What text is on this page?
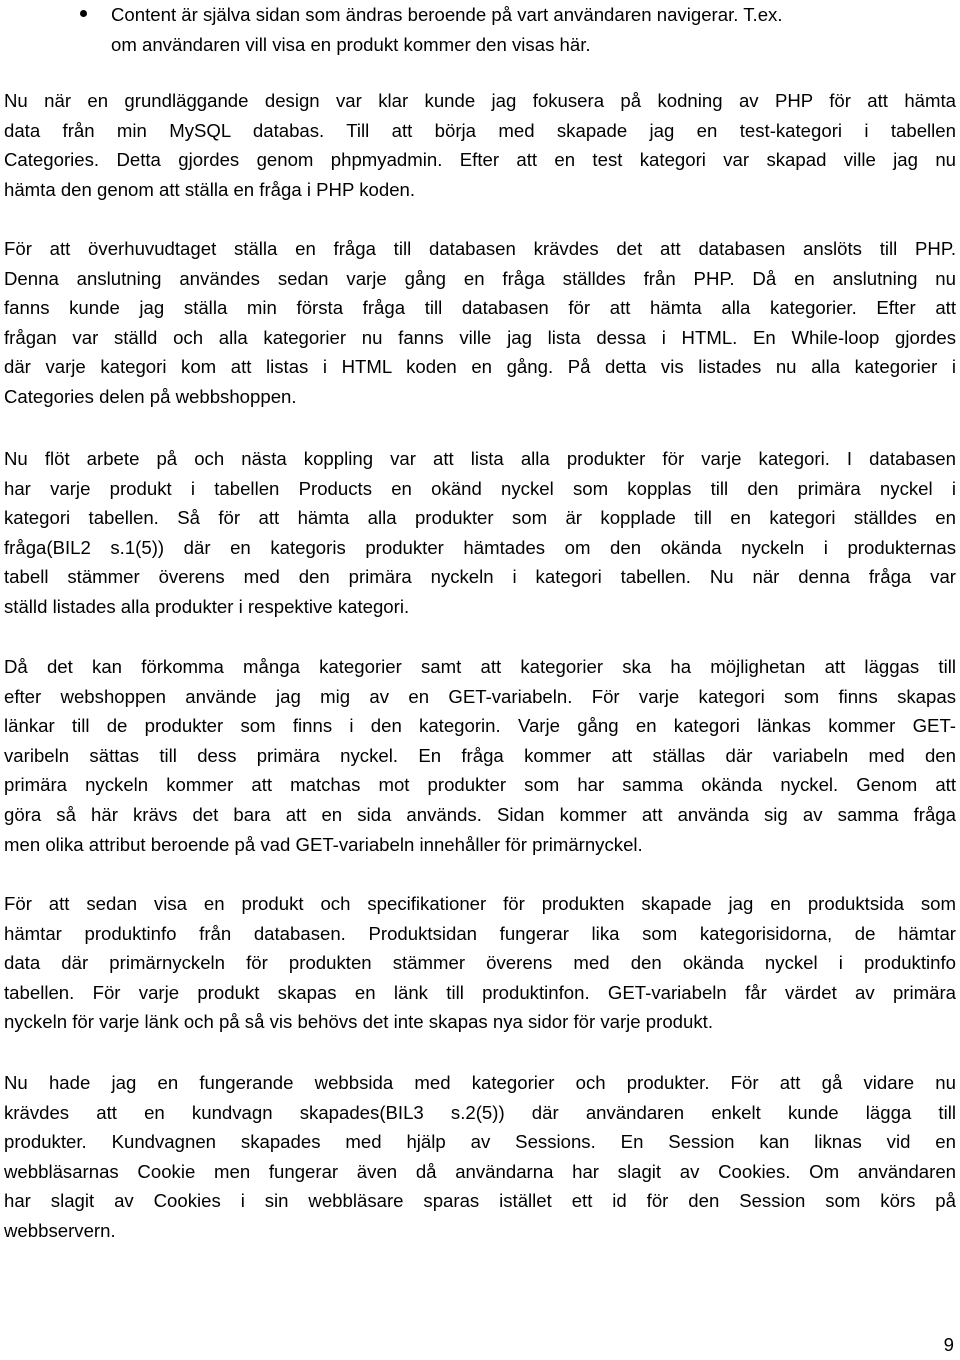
Content är själva sidan som ändras beroende på vart användaren navigerar. T.ex.
om användaren vill visa en produkt kommer den visas här.

Nu när en grundläggande design var klar kunde jag fokusera på kodning av PHP för att hämta
data från min MySQL databas. Till att börja med skapade jag en test-kategori i tabellen
Categories. Detta gjordes genom phpmyadmin. Efter att en test kategori var skapad ville jag nu
hämta den genom att ställa en fråga i PHP koden.

För att överhuvudtaget ställa en fråga till databasen krävdes det att databasen anslöts till PHP.
Denna anslutning användes sedan varje gång en fråga ställdes från PHP. Då en anslutning nu
fanns kunde jag ställa min första fråga till databasen för att hämta alla kategorier. Efter att
frågan var ställd och alla kategorier nu fanns ville jag lista dessa i HTML. En While-loop gjordes
där varje kategori kom att listas i HTML koden en gång. På detta vis listades nu alla kategorier i
Categories delen på webbshoppen.

Nu flöt arbete på och nästa koppling var att lista alla produkter för varje kategori. I databasen
har varje produkt i tabellen Products en okänd nyckel som kopplas till den primära nyckel i
kategori tabellen. Så för att hämta alla produkter som är kopplade till en kategori ställdes en
fråga(BIL2 s.1(5)) där en kategoris produkter hämtades om den okända nyckeln i produkternas
tabell stämmer överens med den primära nyckeln i kategori tabellen. Nu när denna fråga var
ställd listades alla produkter i respektive kategori.

Då det kan förkomma många kategorier samt att kategorier ska ha möjlighetan att läggas till
efter webshoppen använde jag mig av en GET-variabeln. För varje kategori som finns skapas
länkar till de produkter som finns i den kategorin. Varje gång en kategori länkas kommer GET-
varibeln sättas till dess primära nyckel. En fråga kommer att ställas där variabeln med den
primära nyckeln kommer att matchas mot produkter som har samma okända nyckel. Genom att
göra så här krävs det bara att en sida används. Sidan kommer att använda sig av samma fråga
men olika attribut beroende på vad GET-variabeln innehåller för primärnyckel.

För att sedan visa en produkt och specifikationer för produkten skapade jag en produktsida som
hämtar produktinfo från databasen. Produktsidan fungerar lika som kategorisidorna, de hämtar
data där primärnyckeln för produkten stämmer överens med den okända nyckel i produktinfo
tabellen. För varje produkt skapas en länk till produktinfon. GET-variabeln får värdet av primära
nyckeln för varje länk och på så vis behövs det inte skapas nya sidor för varje produkt.

Nu hade jag en fungerande webbsida med kategorier och produkter. För att gå vidare nu
krävdes att en kundvagn skapades(BIL3 s.2(5)) där användaren enkelt kunde lägga till
produkter. Kundvagnen skapades med hjälp av Sessions. En Session kan liknas vid en
webbläsarnas Cookie men fungerar även då användarna har slagit av Cookies. Om användaren
har slagit av Cookies i sin webbläsare sparas istället ett id för den Session som körs på
webbservern.

9
